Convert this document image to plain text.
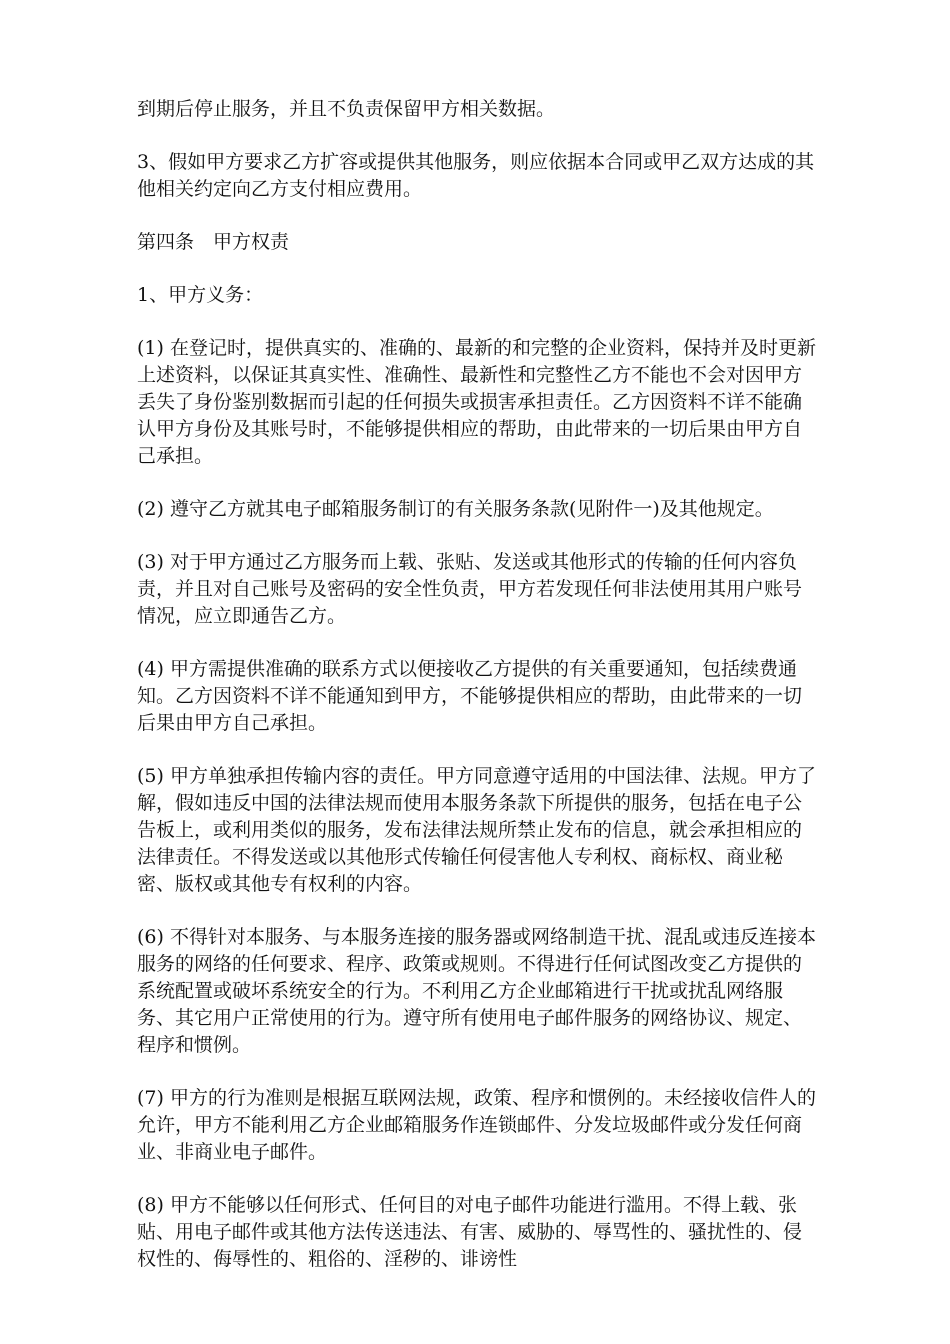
到期后停止服务，并且不负责保留甲方相关数据。

3、假如甲方要求乙方扩容或提供其他服务，则应依据本合同或甲乙双方达成的其他相关约定向乙方支付相应费用。

第四条　甲方权责

1、甲方义务：

(1) 在登记时，提供真实的、准确的、最新的和完整的企业资料，保持并及时更新上述资料，以保证其真实性、准确性、最新性和完整性乙方不能也不会对因甲方丢失了身份鉴别数据而引起的任何损失或损害承担责任。乙方因资料不详不能确认甲方身份及其账号时，不能够提供相应的帮助，由此带来的一切后果由甲方自己承担。

(2) 遵守乙方就其电子邮箱服务制订的有关服务条款(见附件一)及其他规定。

(3) 对于甲方通过乙方服务而上载、张贴、发送或其他形式的传输的任何内容负责，并且对自己账号及密码的安全性负责，甲方若发现任何非法使用其用户账号情况，应立即通告乙方。

(4) 甲方需提供准确的联系方式以便接收乙方提供的有关重要通知，包括续费通知。乙方因资料不详不能通知到甲方，不能够提供相应的帮助，由此带来的一切后果由甲方自己承担。

(5) 甲方单独承担传输内容的责任。甲方同意遵守适用的中国法律、法规。甲方了解，假如违反中国的法律法规而使用本服务条款下所提供的服务，包括在电子公告板上，或利用类似的服务，发布法律法规所禁止发布的信息，就会承担相应的法律责任。不得发送或以其他形式传输任何侵害他人专利权、商标权、商业秘密、版权或其他专有权利的内容。

(6) 不得针对本服务、与本服务连接的服务器或网络制造干扰、混乱或违反连接本服务的网络的任何要求、程序、政策或规则。不得进行任何试图改变乙方提供的系统配置或破坏系统安全的行为。不利用乙方企业邮箱进行干扰或扰乱网络服务、其它用户正常使用的行为。遵守所有使用电子邮件服务的网络协议、规定、程序和惯例。

(7) 甲方的行为准则是根据互联网法规，政策、程序和惯例的。未经接收信件人的允许，甲方不能利用乙方企业邮箱服务作连锁邮件、分发垃圾邮件或分发任何商业、非商业电子邮件。

(8) 甲方不能够以任何形式、任何目的对电子邮件功能进行滥用。不得上载、张贴、用电子邮件或其他方法传送违法、有害、威胁的、辱骂性的、骚扰性的、侵权性的、侮辱性的、粗俗的、淫秽的、诽谤性
